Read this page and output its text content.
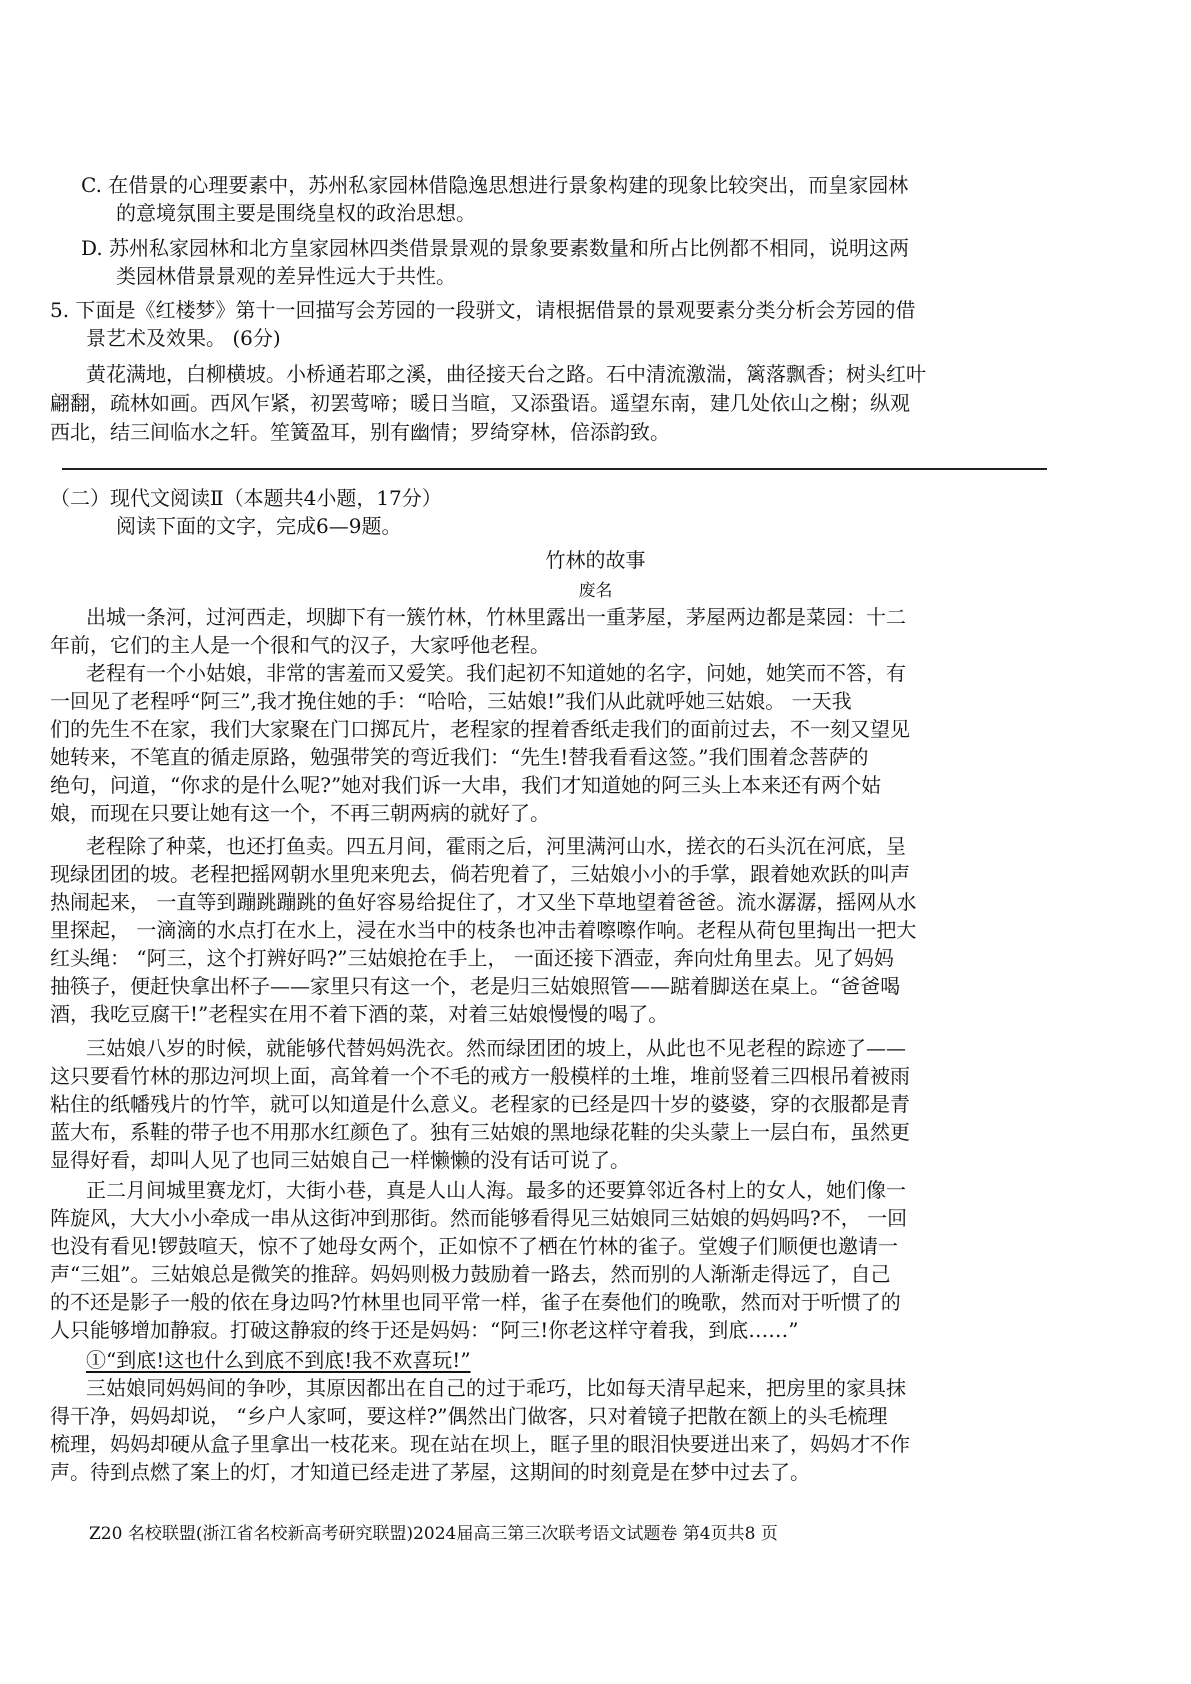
C. 在借景的心理要素中，苏州私家园林借隐逸思想进行景象构建的现象比较突出，而皇家园林
的意境氛围主要是围绕皇权的政治思想。
D. 苏州私家园林和北方皇家园林四类借景景观的景象要素数量和所占比例都不相同，说明这两
类园林借景景观的差异性远大于共性。
5. 下面是《红楼梦》第十一回描写会芳园的一段骈文，请根据借景的景观要素分类分析会芳园的借
景艺术及效果。 (6分)
黄花满地，白柳横坡。小桥通若耶之溪，曲径接天台之路。石中清流激湍，篱落飘香；树头红叶
翩翻，疏林如画。西风乍紧，初罢莺啼；暖日当暄，又添蛩语。遥望东南，建几处依山之榭；纵观
西北，结三间临水之轩。笙簧盈耳，别有幽情；罗绮穿林，倍添韵致。
（二）现代文阅读Ⅱ（本题共4小题，17分）
阅读下面的文字，完成6—9题。
竹林的故事
废名
出城一条河，过河西走，坝脚下有一簇竹林，竹林里露出一重茅屋，茅屋两边都是菜园：十二
年前，它们的主人是一个很和气的汉子，大家呼他老程。
老程有一个小姑娘，非常的害羞而又爱笑。我们起初不知道她的名字，问她，她笑而不答，有
一回见了老程呼“阿三”,我才挽住她的手：“哈哈，三姑娘!”我们从此就呼她三姑娘。 一天我
们的先生不在家，我们大家聚在门口掷瓦片，老程家的捏着香纸走我们的面前过去，不一刻又望见
她转来，不笔直的循走原路，勉强带笑的弯近我们：“先生!替我看看这签。”我们围着念菩萨的
绝句，问道，“你求的是什么呢?”她对我们诉一大串，我们才知道她的阿三头上本来还有两个姑
娘，而现在只要让她有这一个，不再三朝两病的就好了。
老程除了种菜，也还打鱼卖。四五月间，霍雨之后，河里满河山水，搓衣的石头沉在河底，呈
现绿团团的坡。老程把摇网朝水里兜来兜去，倘若兜着了，三姑娘小小的手掌，跟着她欢跃的叫声
热闹起来， 一直等到蹦跳蹦跳的鱼好容易给捉住了，才又坐下草地望着爸爸。流水潺潺，摇网从水
里探起， 一滴滴的水点打在水上，浸在水当中的枝条也冲击着嚓嚓作响。老程从荷包里掏出一把大
红头绳： “阿三，这个打辨好吗?”三姑娘抢在手上， 一面还接下酒壶，奔向灶角里去。见了妈妈
抽筷子，便赶快拿出杯子——家里只有这一个，老是归三姑娘照管——踮着脚送在桌上。“爸爸喝
酒，我吃豆腐干!”老程实在用不着下酒的菜，对着三姑娘慢慢的喝了。
三姑娘八岁的时候，就能够代替妈妈洗衣。然而绿团团的坡上，从此也不见老程的踪迹了——
这只要看竹林的那边河坝上面，高耸着一个不毛的戒方一般模样的土堆，堆前竖着三四根吊着被雨
粘住的纸幡残片的竹竿，就可以知道是什么意义。老程家的已经是四十岁的婆婆，穿的衣服都是青
蓝大布，系鞋的带子也不用那水红颜色了。独有三姑娘的黑地绿花鞋的尖头蒙上一层白布，虽然更
显得好看，却叫人见了也同三姑娘自己一样懒懒的没有话可说了。
正二月间城里赛龙灯，大街小巷，真是人山人海。最多的还要算邻近各村上的女人，她们像一
阵旋风，大大小小牵成一串从这街冲到那街。然而能够看得见三姑娘同三姑娘的妈妈吗?不， 一回
也没有看见!锣鼓喧天，惊不了她母女两个，正如惊不了栖在竹林的雀子。堂嫂子们顺便也邀请一
声“三姐”。三姑娘总是微笑的推辞。妈妈则极力鼓励着一路去，然而别的人渐渐走得远了，自己
的不还是影子一般的依在身边吗?竹林里也同平常一样，雀子在奏他们的晚歌，然而对于听惯了的
人只能够增加静寂。打破这静寂的终于还是妈妈：“阿三!你老这样守着我，到底……”
①“到底!这也什么到底不到底!我不欢喜玩!”
三姑娘同妈妈间的争吵，其原因都出在自己的过于乖巧，比如每天清早起来，把房里的家具抹
得干净，妈妈却说， “乡户人家呵，要这样?”偶然出门做客，只对着镜子把散在额上的头毛梳理
梳理，妈妈却硬从盒子里拿出一枝花来。现在站在坝上，眶子里的眼泪快要迸出来了，妈妈才不作
声。待到点燃了案上的灯，才知道已经走进了茅屋，这期间的时刻竟是在梦中过去了。
Z20 名校联盟(浙江省名校新高考研究联盟)2024届高三第三次联考语文试题卷 第4页共8 页
